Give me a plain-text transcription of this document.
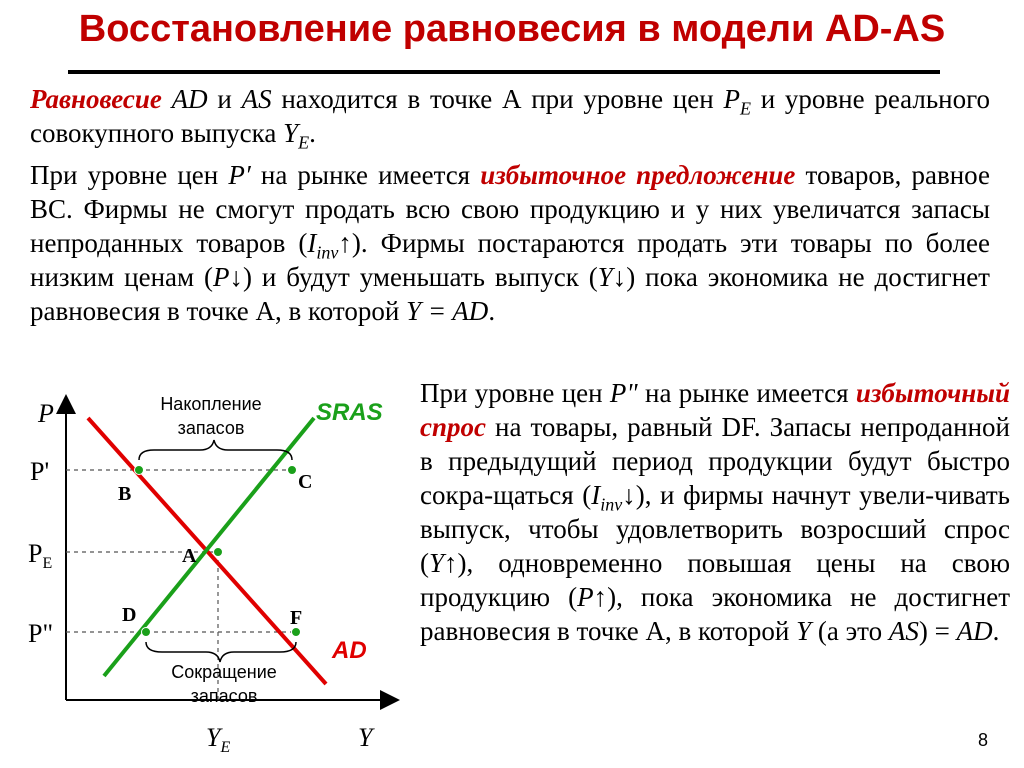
Восстановление равновесия в модели AD-AS
Равновесие AD и AS находится в точке А при уровне цен $P_E$ и уровне реального совокупного выпуска $Y_E$.
При уровне цен P′ на рынке имеется избыточное предложение товаров, равное ВС. Фирмы не смогут продать всю свою продукцию и у них увеличатся запасы непроданных товаров $(I_{inv}↑)$. Фирмы постараются продать эти товары по более низким ценам (P↓) и будут уменьшать выпуск (Y↓) пока экономика не достигнет равновесия в точке А, в которой Y = AD.
При уровне цен P" на рынке имеется избыточный спрос на товары, равный DF. Запасы непроданной в предыдущий период продукции будут быстро сокра-щаться $(I_{inv}↓)$, и фирмы начнут увели-чивать выпуск, чтобы удовлетворить возросший спрос (Y↑), одновременно повышая цены на свою продукцию (P↑), пока экономика не достигнет равновесия в точке А, в которой Y (а это AS) = AD.
P
Y
P'
$P_E$
P"
$Y_E$
SRAS
AD
A
B
C
D	F
Накопление
запасов
Сокращение
запасов
8
